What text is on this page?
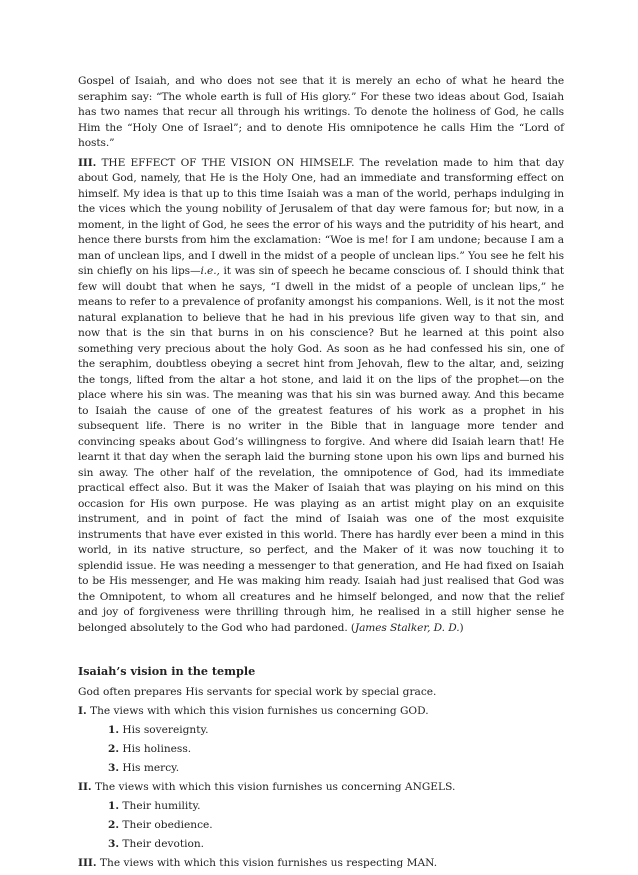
Gospel of Isaiah, and who does not see that it is merely an echo of what he heard the seraphim say: “The whole earth is full of His glory.” For these two ideas about God, Isaiah has two names that recur all through his writings. To denote the holiness of God, he calls Him the “Holy One of Israel”; and to denote His omnipotence he calls Him the “Lord of hosts.”

III. THE EFFECT OF THE VISION ON HIMSELF. The revelation made to him that day about God, namely, that He is the Holy One, had an immediate and transforming effect on himself. My idea is that up to this time Isaiah was a man of the world, perhaps indulging in the vices which the young nobility of Jerusalem of that day were famous for; but now, in a moment, in the light of God, he sees the error of his ways and the putridity of his heart, and hence there bursts from him the exclamation: “Woe is me! for I am undone; because I am a man of unclean lips, and I dwell in the midst of a people of unclean lips.” You see he felt his sin chiefly on his lips—i.e., it was sin of speech he became conscious of. I should think that few will doubt that when he says, “I dwell in the midst of a people of unclean lips,” he means to refer to a prevalence of profanity amongst his companions. Well, is it not the most natural explanation to believe that he had in his previous life given way to that sin, and now that is the sin that burns in on his conscience? But he learned at this point also something very precious about the holy God. As soon as he had confessed his sin, one of the seraphim, doubtless obeying a secret hint from Jehovah, flew to the altar, and, seizing the tongs, lifted from the altar a hot stone, and laid it on the lips of the prophet—on the place where his sin was. The meaning was that his sin was burned away. And this became to Isaiah the cause of one of the greatest features of his work as a prophet in his subsequent life. There is no writer in the Bible that in language more tender and convincing speaks about God’s willingness to forgive. And where did Isaiah learn that! He learnt it that day when the seraph laid the burning stone upon his own lips and burned his sin away. The other half of the revelation, the omnipotence of God, had its immediate practical effect also. But it was the Maker of Isaiah that was playing on his mind on this occasion for His own purpose. He was playing as an artist might play on an exquisite instrument, and in point of fact the mind of Isaiah was one of the most exquisite instruments that have ever existed in this world. There has hardly ever been a mind in this world, in its native structure, so perfect, and the Maker of it was now touching it to splendid issue. He was needing a messenger to that generation, and He had fixed on Isaiah to be His messenger, and He was making him ready. Isaiah had just realised that God was the Omnipotent, to whom all creatures and he himself belonged, and now that the relief and joy of forgiveness were thrilling through him, he realised in a still higher sense he belonged absolutely to the God who had pardoned. (James Stalker, D. D.)

Isaiah’s vision in the temple
God often prepares His servants for special work by special grace.
I. The views with which this vision furnishes us concerning GOD.
1. His sovereignty.
2. His holiness.
3. His mercy.
II. The views with which this vision furnishes us concerning ANGELS.
1. Their humility.
2. Their obedience.
3. Their devotion.
III. The views with which this vision furnishes us respecting MAN.
